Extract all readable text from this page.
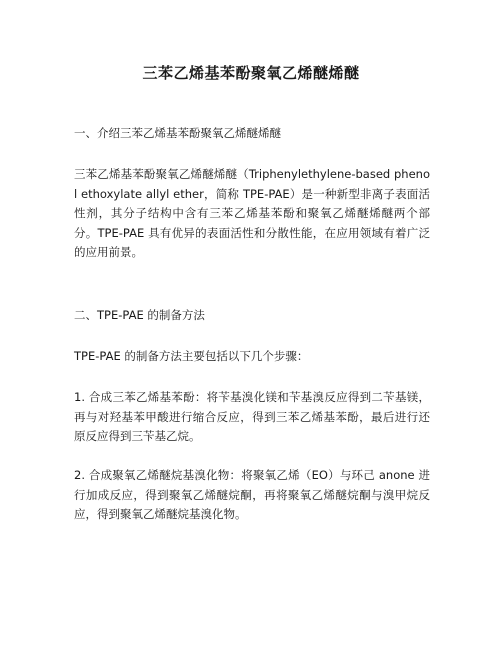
三苯乙烯基苯酚聚氧乙烯醚烯醚

一、介绍三苯乙烯基苯酚聚氧乙烯醚烯醚

三苯乙烯基苯酚聚氧乙烯醚烯醚（Triphenylethylene-based phenol ethoxylate allyl ether，简称 TPE-PAE）是一种新型非离子表面活性剂，其分子结构中含有三苯乙烯基苯酚和聚氧乙烯醚烯醚两个部分。TPE-PAE 具有优异的表面活性和分散性能，在应用领域有着广泛的应用前景。

二、TPE-PAE 的制备方法

TPE-PAE 的制备方法主要包括以下几个步骤：

1. 合成三苯乙烯基苯酚：将苄基溴化镁和苄基溴反应得到二苄基镁，再与对羟基苯甲酸进行缩合反应，得到三苯乙烯基苯酚，最后进行还原反应得到三苄基乙烷。

2. 合成聚氧乙烯醚烷基溴化物：将聚氧乙烯（EO）与环己 anone 进行加成反应，得到聚氧乙烯醚烷酮，再将聚氧乙烯醚烷酮与溴甲烷反应，得到聚氧乙烯醚烷基溴化物。
